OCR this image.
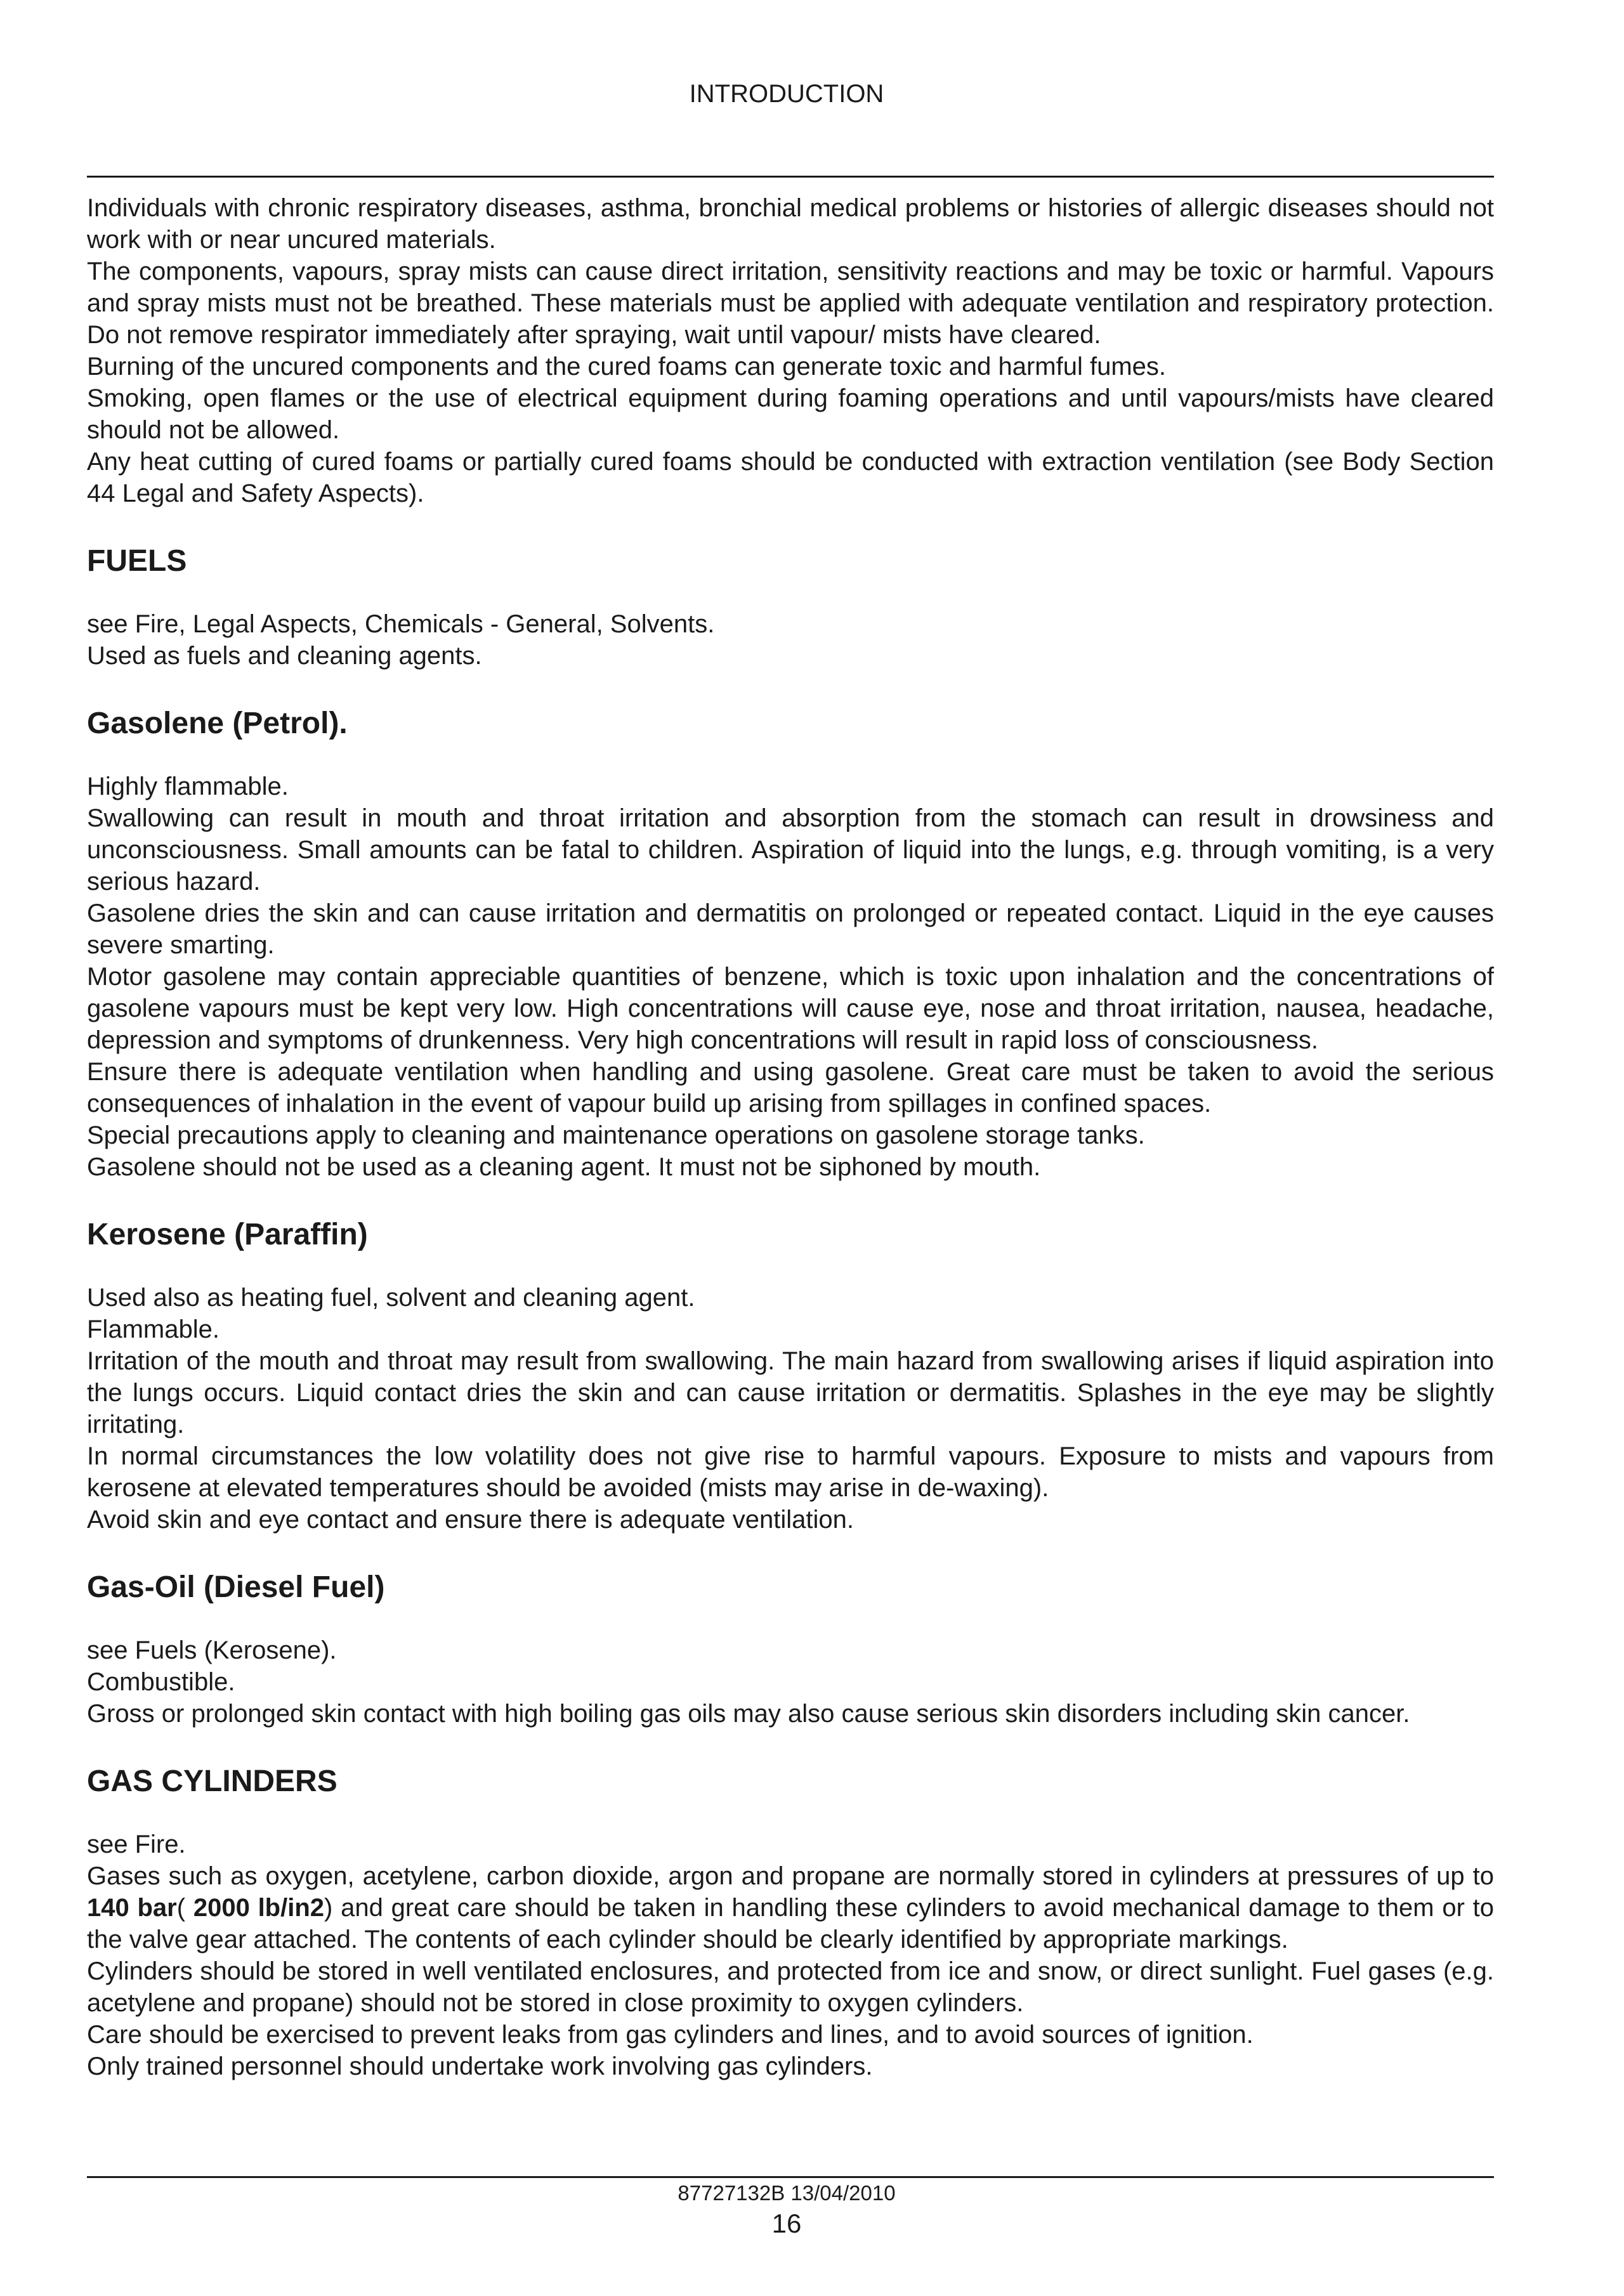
INTRODUCTION

Individuals with chronic respiratory diseases, asthma, bronchial medical problems or histories of allergic diseases should not work with or near uncured materials.

The components, vapours, spray mists can cause direct irritation, sensitivity reactions and may be toxic or harmful. Vapours and spray mists must not be breathed. These materials must be applied with adequate ventilation and respiratory protection. Do not remove respirator immediately after spraying, wait until vapour/ mists have cleared.

Burning of the uncured components and the cured foams can generate toxic and harmful fumes.

Smoking, open flames or the use of electrical equipment during foaming operations and until vapours/mists have cleared should not be allowed.

Any heat cutting of cured foams or partially cured foams should be conducted with extraction ventilation (see Body Section 44 Legal and Safety Aspects).

FUELS

see Fire, Legal Aspects, Chemicals - General, Solvents.

Used as fuels and cleaning agents.

Gasolene (Petrol).

Highly flammable.

Swallowing can result in mouth and throat irritation and absorption from the stomach can result in drowsiness and unconsciousness. Small amounts can be fatal to children. Aspiration of liquid into the lungs, e.g. through vomiting, is a very serious hazard.

Gasolene dries the skin and can cause irritation and dermatitis on prolonged or repeated contact. Liquid in the eye causes severe smarting.

Motor gasolene may contain appreciable quantities of benzene, which is toxic upon inhalation and the concentrations of gasolene vapours must be kept very low. High concentrations will cause eye, nose and throat irritation, nausea, headache, depression and symptoms of drunkenness. Very high concentrations will result in rapid loss of consciousness.

Ensure there is adequate ventilation when handling and using gasolene. Great care must be taken to avoid the serious consequences of inhalation in the event of vapour build up arising from spillages in confined spaces.

Special precautions apply to cleaning and maintenance operations on gasolene storage tanks.

Gasolene should not be used as a cleaning agent. It must not be siphoned by mouth.

Kerosene (Paraffin)

Used also as heating fuel, solvent and cleaning agent.

Flammable.

Irritation of the mouth and throat may result from swallowing. The main hazard from swallowing arises if liquid aspiration into the lungs occurs. Liquid contact dries the skin and can cause irritation or dermatitis. Splashes in the eye may be slightly irritating.

In normal circumstances the low volatility does not give rise to harmful vapours. Exposure to mists and vapours from kerosene at elevated temperatures should be avoided (mists may arise in de-waxing).

Avoid skin and eye contact and ensure there is adequate ventilation.

Gas-Oil (Diesel Fuel)

see Fuels (Kerosene).

Combustible.

Gross or prolonged skin contact with high boiling gas oils may also cause serious skin disorders including skin cancer.

GAS CYLINDERS

see Fire.

Gases such as oxygen, acetylene, carbon dioxide, argon and propane are normally stored in cylinders at pressures of up to 140 bar( 2000 lb/in2) and great care should be taken in handling these cylinders to avoid mechanical damage to them or to the valve gear attached. The contents of each cylinder should be clearly identified by appropriate markings.

Cylinders should be stored in well ventilated enclosures, and protected from ice and snow, or direct sunlight. Fuel gases (e.g. acetylene and propane) should not be stored in close proximity to oxygen cylinders.

Care should be exercised to prevent leaks from gas cylinders and lines, and to avoid sources of ignition.

Only trained personnel should undertake work involving gas cylinders.

87727132B 13/04/2010
16
